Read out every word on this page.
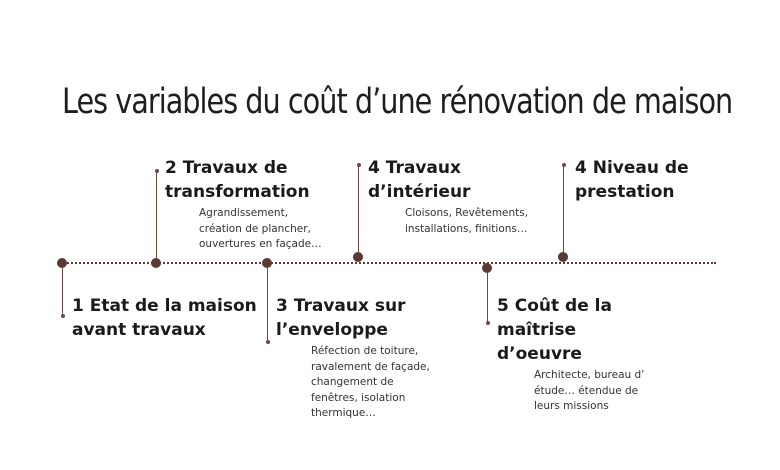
Les variables du coût d’une rénovation de maison
1 Etat de la maison
avant travaux
2 Travaux de
transformation
Agrandissement,
création de plancher,
ouvertures en façade…
3 Travaux sur
l’enveloppe
Réfection de toiture,
ravalement de façade,
changement de
fenêtres, isolation
thermique…
4 Travaux
d’intérieur
Cloisons, Revêtements,
installations, finitions…
5 Coût de la
maîtrise
d’oeuvre
Architecte, bureau d’
étude… étendue de
leurs missions
4 Niveau de
prestation
